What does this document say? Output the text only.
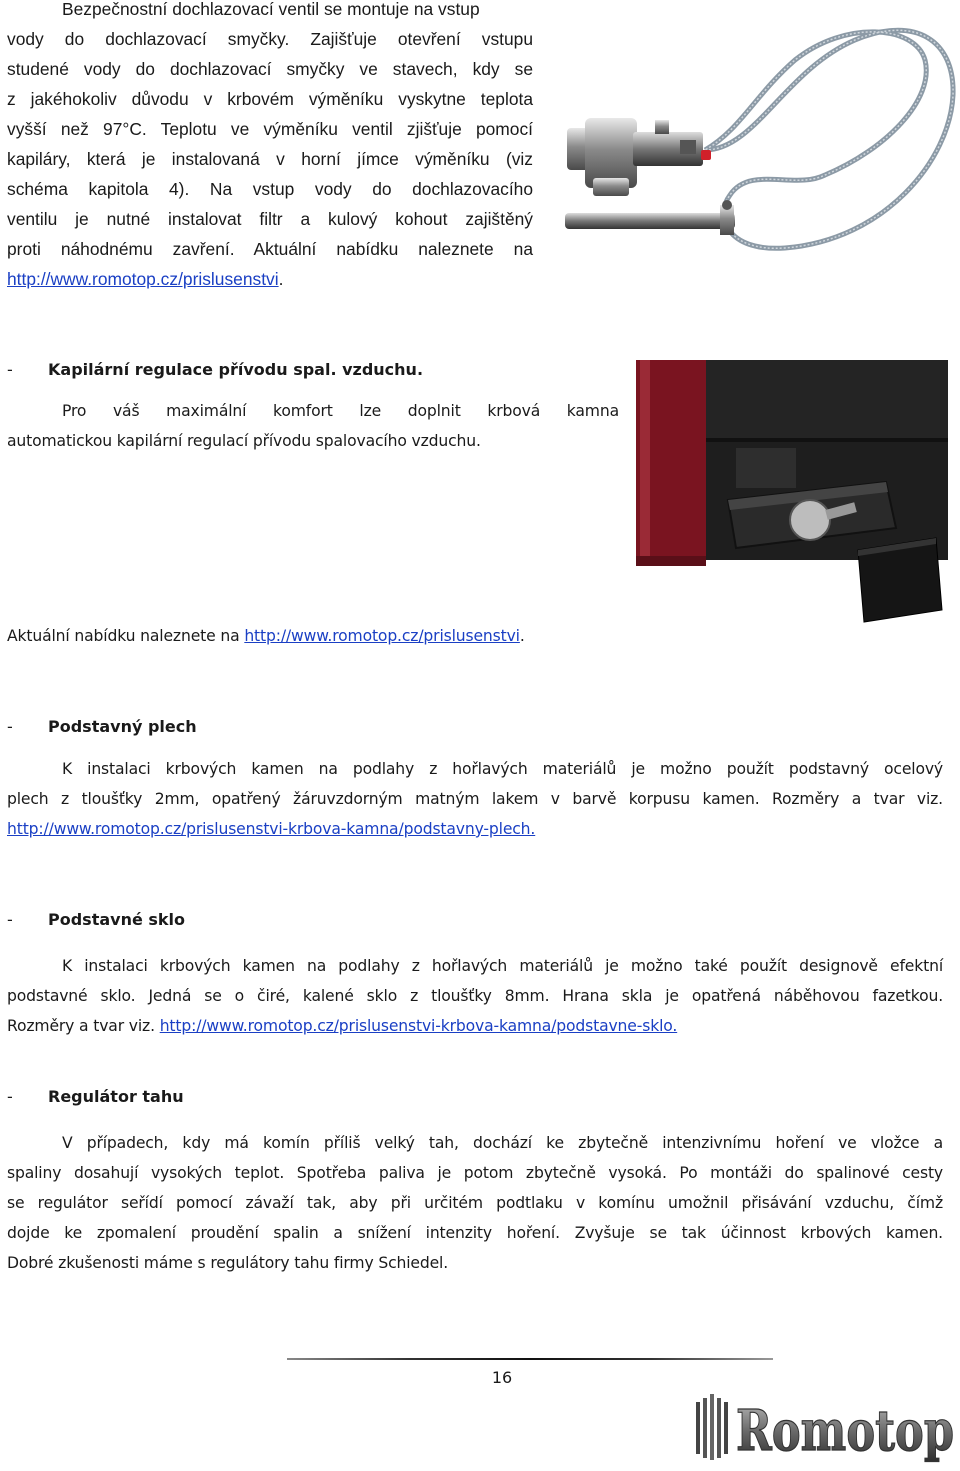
Bezpečnostní dochlazovací ventil se montuje na vstup
vody do dochlazovací smyčky. Zajišťuje otevření vstupu
studené vody do dochlazovací smyčky ve stavech, kdy se
z jakéhokoliv důvodu v krbovém výměníku vyskytne teplota
vyšší než 97°C. Teplotu ve výměníku ventil zjišťuje pomocí
kapiláry, která je instalovaná v horní jímce výměníku (viz
schéma kapitola 4). Na vstup vody do dochlazovacího
ventilu je nutné instalovat filtr a kulový kohout zajištěný
proti náhodnému zavření. Aktuální nabídku naleznete na
http://www.romotop.cz/prislusenstvi.
- Kapilární regulace přívodu spal. vzduchu.
Pro váš maximální komfort lze doplnit krbová kamna
automatickou kapilární regulací přívodu spalovacího vzduchu.
Aktuální nabídku naleznete na http://www.romotop.cz/prislusenstvi.
- Podstavný plech
K instalaci krbových kamen na podlahy z hořlavých materiálů je možno použít podstavný ocelový
plech z tloušťky 2mm, opatřený žáruvzdorným matným lakem v barvě korpusu kamen. Rozměry a tvar viz.
http://www.romotop.cz/prislusenstvi-krbova-kamna/podstavny-plech.
- Podstavné sklo
K instalaci krbových kamen na podlahy z hořlavých materiálů je možno také použít designově efektní
podstavné sklo. Jedná se o čiré, kalené sklo z tloušťky 8mm. Hrana skla je opatřená náběhovou fazetkou.
Rozměry a tvar viz. http://www.romotop.cz/prislusenstvi-krbova-kamna/podstavne-sklo.
- Regulátor tahu
V případech, kdy má komín příliš velký tah, dochází ke zbytečně intenzivnímu hoření ve vložce a
spaliny dosahují vysokých teplot. Spotřeba paliva je potom zbytečně vysoká. Po montáži do spalinové cesty
se regulátor seřídí pomocí závaží tak, aby při určitém podtlaku v komínu umožnil přisávání vzduchu, čímž
dojde ke zpomalení proudění spalin a snížení intenzity hoření. Zvyšuje se tak účinnost krbových kamen.
Dobré zkušenosti máme s regulátory tahu firmy Schiedel.
16
Romotop
